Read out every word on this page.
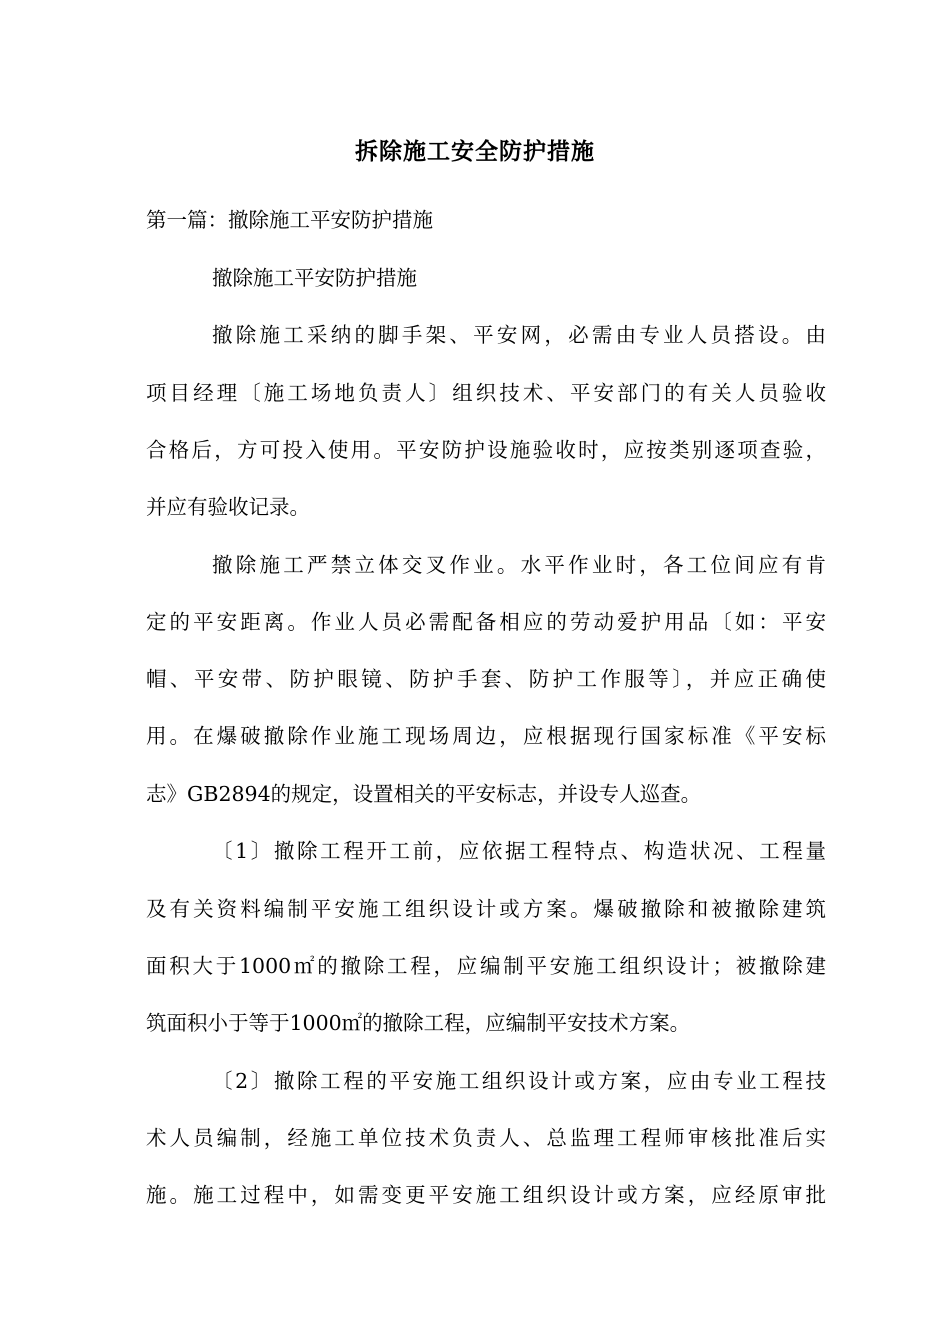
拆除施工安全防护措施
第一篇：撤除施工平安防护措施
撤除施工平安防护措施
撤除施工采纳的脚手架、平安网，必需由专业人员搭设。由
项目经理〔施工场地负责人〕组织技术、平安部门的有关人员验收
合格后，方可投入使用。平安防护设施验收时，应按类别逐项查验，
并应有验收记录。
撤除施工严禁立体交叉作业。水平作业时，各工位间应有肯
定的平安距离。作业人员必需配备相应的劳动爱护用品〔如：平安
帽、平安带、防护眼镜、防护手套、防护工作服等〕，并应正确使
用。在爆破撤除作业施工现场周边，应根据现行国家标准《平安标
志》GB2894的规定，设置相关的平安标志，并设专人巡查。
〔1〕撤除工程开工前，应依据工程特点、构造状况、工程量
及有关资料编制平安施工组织设计或方案。爆破撤除和被撤除建筑
面积大于1000㎡的撤除工程，应编制平安施工组织设计；被撤除建
筑面积小于等于1000㎡的撤除工程，应编制平安技术方案。
〔2〕撤除工程的平安施工组织设计或方案，应由专业工程技
术人员编制，经施工单位技术负责人、总监理工程师审核批准后实
施。施工过程中，如需变更平安施工组织设计或方案，应经原审批
